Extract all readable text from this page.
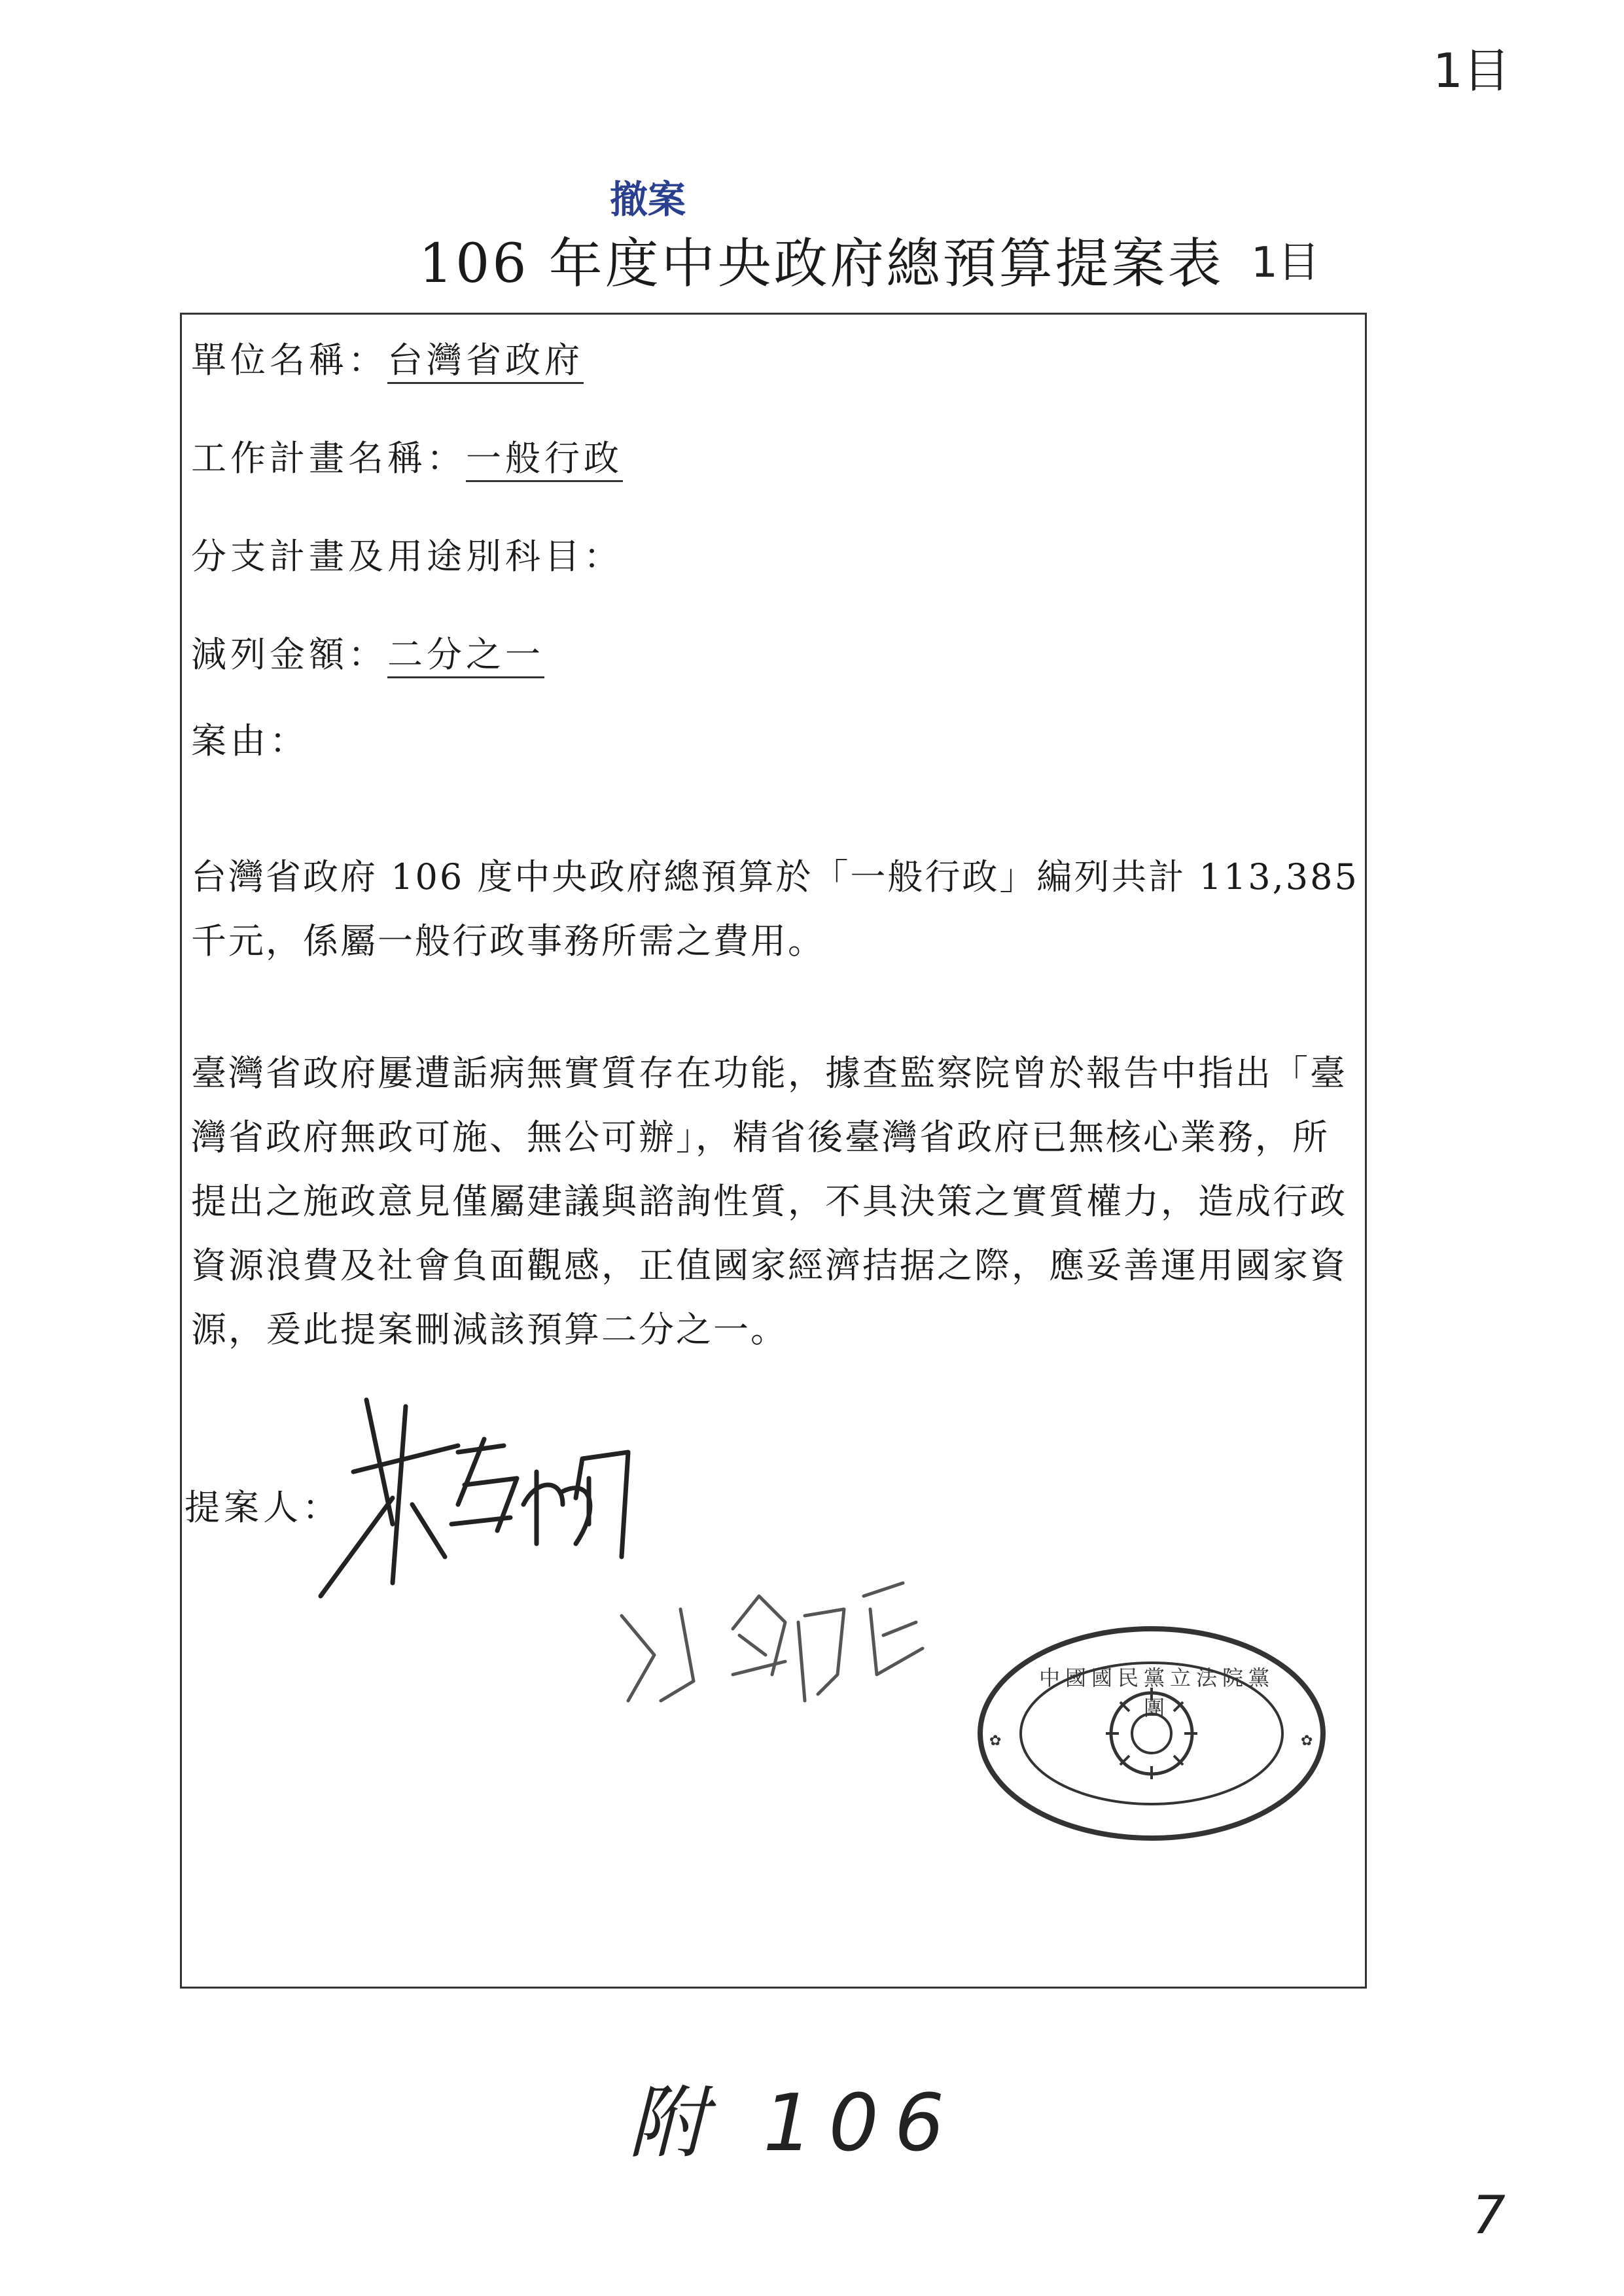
1目
撤案
106 年度中央政府總預算提案表 1目
單位名稱：台灣省政府
工作計畫名稱：一般行政
分支計畫及用途別科目：
減列金額：二分之一
案由：
台灣省政府 106 度中央政府總預算於「一般行政」編列共計 113,385
千元，係屬一般行政事務所需之費用。
臺灣省政府屢遭詬病無實質存在功能，據查監察院曾於報告中指出「臺
灣省政府無政可施、無公可辦」，精省後臺灣省政府已無核心業務，所
提出之施政意見僅屬建議與諮詢性質，不具決策之實質權力，造成行政
資源浪費及社會負面觀感，正值國家經濟拮据之際，應妥善運用國家資
源，爰此提案刪減該預算二分之一。
提案人：
✿	✿
中國國民黨立法院黨團
附 106
7
